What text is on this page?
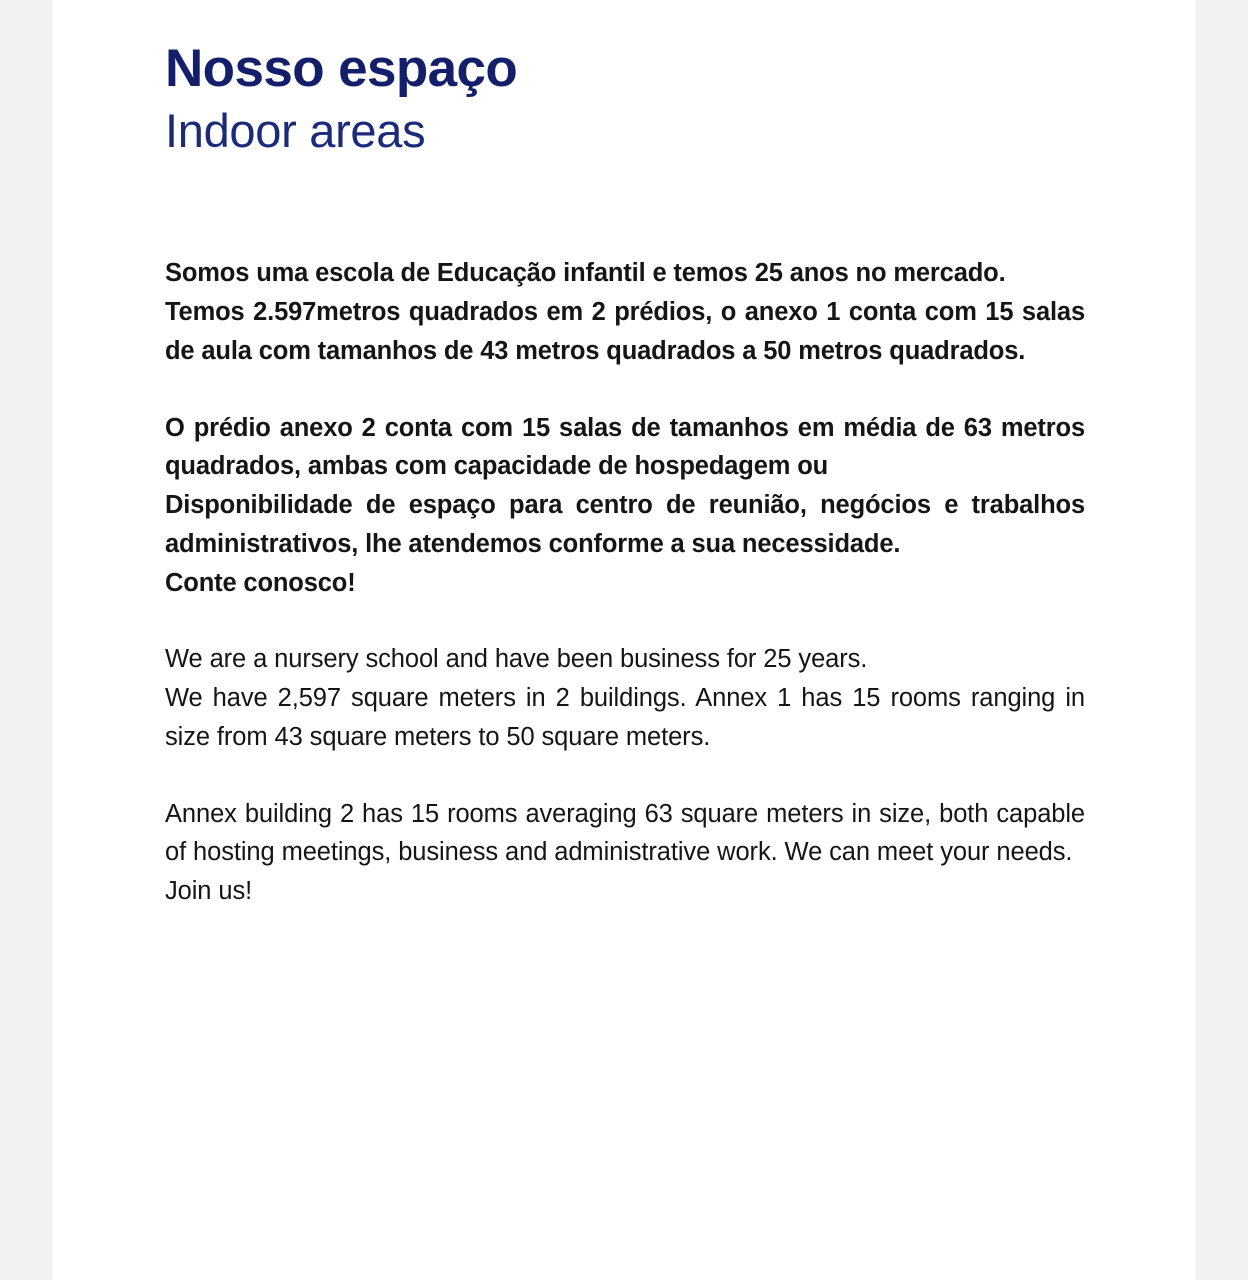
Nosso espaço
Indoor areas

Somos uma escola de Educação infantil e temos 25 anos no mercado.

Temos 2.597metros quadrados em 2 prédios, o anexo 1 conta com 15 salas de aula com tamanhos de 43 metros quadrados a 50 metros quadrados.

O prédio anexo 2 conta com 15 salas de tamanhos em média de 63 metros quadrados, ambas com capacidade de hospedagem ou

Disponibilidade de espaço para centro de reunião, negócios e trabalhos administrativos, lhe atendemos conforme a sua necessidade.

Conte conosco!

We are a nursery school and have been business for 25 years.

We have 2,597 square meters in 2 buildings. Annex 1 has 15 rooms ranging in size from 43 square meters to 50 square meters.

Annex building 2 has 15 rooms averaging 63 square meters in size, both capable of hosting meetings, business and administrative work. We can meet your needs.

Join us!
